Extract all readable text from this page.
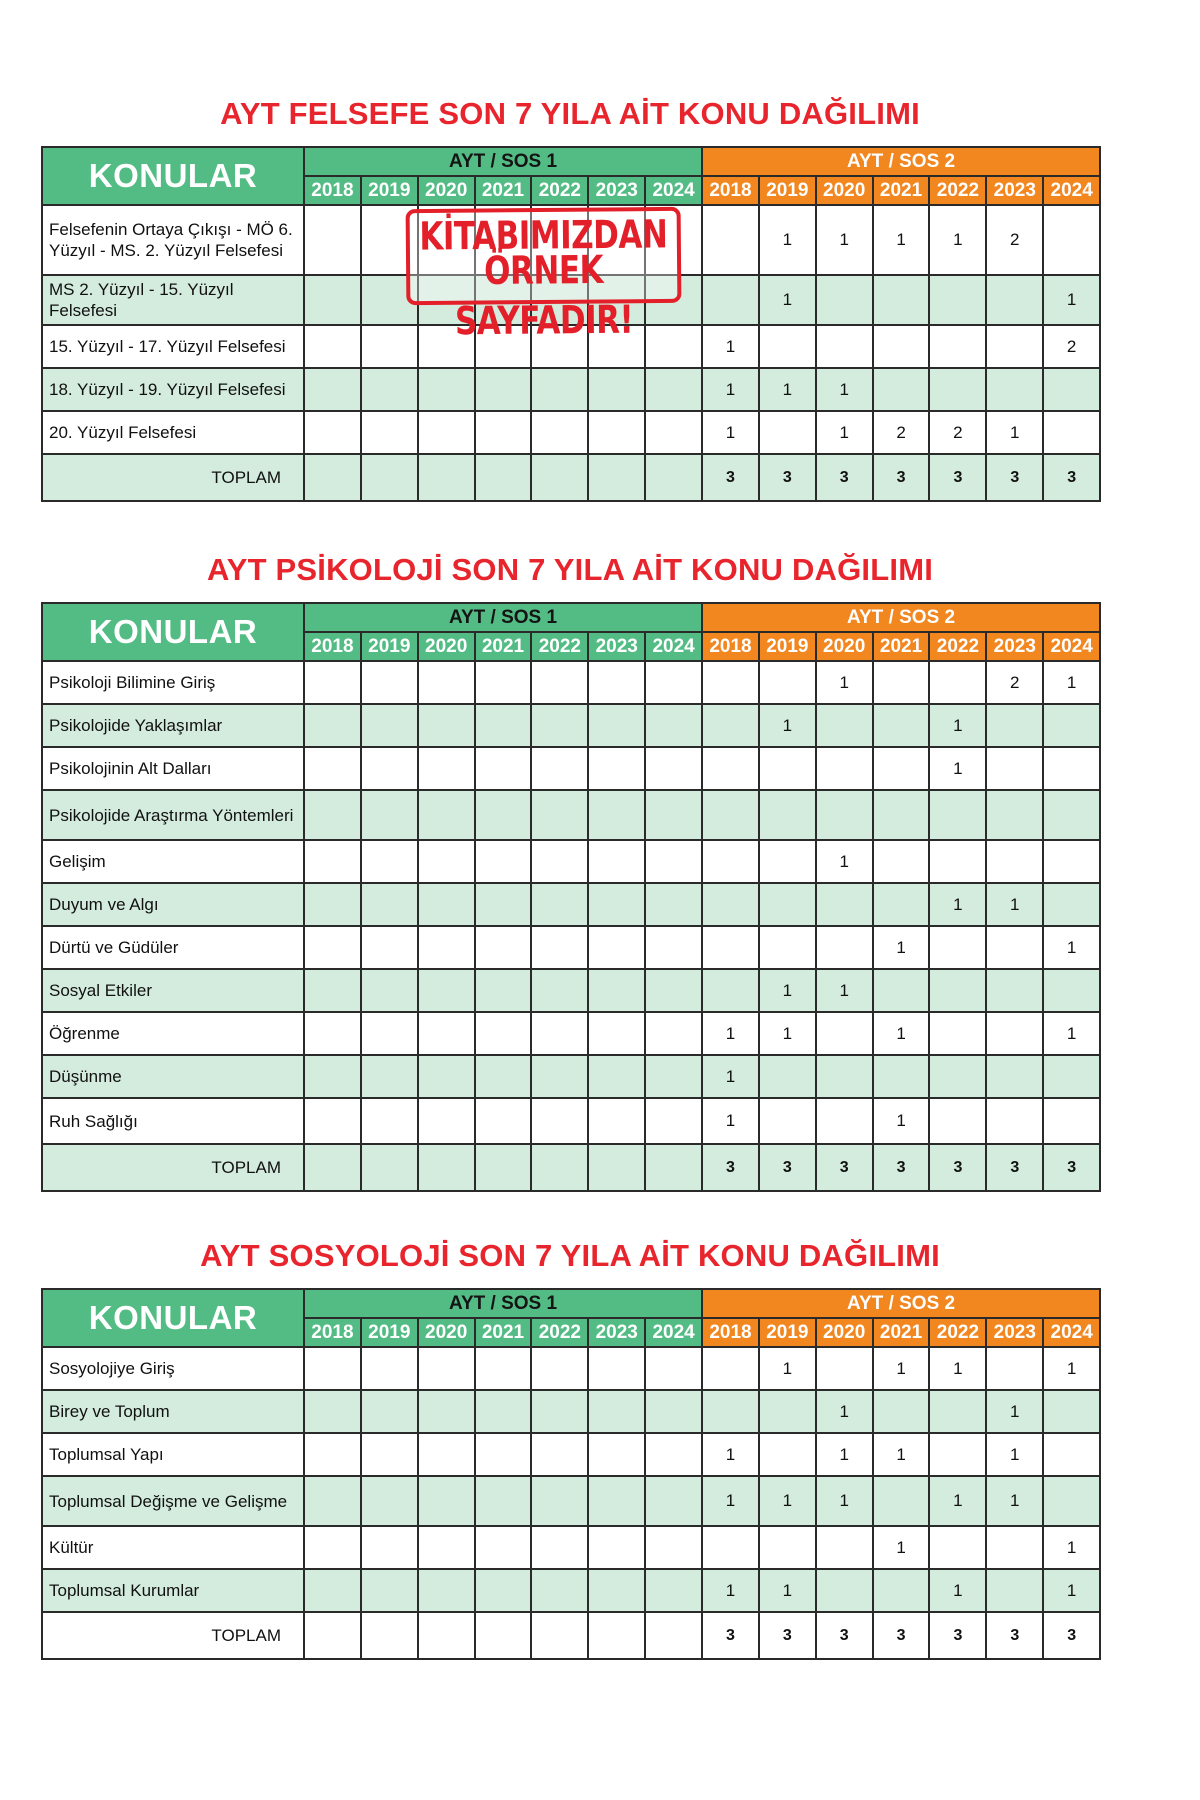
AYT FELSEFE SON 7 YILA AİT KONU DAĞILIMI
KONULAR	AYT / SOS 1							AYT / SOS 2						
	2018	2019	2020	2021	2022	2023	2024	2018	2019	2020	2021	2022	2023	2024
Felsefenin Ortaya Çıkışı - MÖ 6. Yüzyıl - MS. 2. Yüzyıl Felsefesi									1	1	1	1	2	
MS 2. Yüzyıl - 15. Yüzyıl Felsefesi									1					1
15. Yüzyıl - 17. Yüzyıl Felsefesi								1						2
18. Yüzyıl - 19. Yüzyıl Felsefesi								1	1	1				
20. Yüzyıl Felsefesi								1		1	2	2	1	
TOPLAM								3	3	3	3	3	3	3
KİTABIMIZDAN
ÖRNEK SAYFADIR!
AYT PSİKOLOJİ SON 7 YILA AİT KONU DAĞILIMI
KONULAR	AYT / SOS 1							AYT / SOS 2						
	2018	2019	2020	2021	2022	2023	2024	2018	2019	2020	2021	2022	2023	2024
Psikoloji Bilimine Giriş										1			2	1
Psikolojide Yaklaşımlar									1			1		
Psikolojinin Alt Dalları												1		
Psikolojide Araştırma Yöntemleri														
Gelişim										1				
Duyum ve Algı												1	1	
Dürtü ve Güdüler											1			1
Sosyal Etkiler									1	1				
Öğrenme								1	1		1			1
Düşünme								1						
Ruh Sağlığı								1			1			
TOPLAM								3	3	3	3	3	3	3
AYT SOSYOLOJİ SON 7 YILA AİT KONU DAĞILIMI
KONULAR	AYT / SOS 1							AYT / SOS 2						
	2018	2019	2020	2021	2022	2023	2024	2018	2019	2020	2021	2022	2023	2024
Sosyolojiye Giriş									1		1	1		1
Birey ve Toplum										1			1	
Toplumsal Yapı								1		1	1		1	
Toplumsal Değişme ve Gelişme								1	1	1		1	1	
Kültür											1			1
Toplumsal Kurumlar								1	1			1		1
TOPLAM								3	3	3	3	3	3	3
